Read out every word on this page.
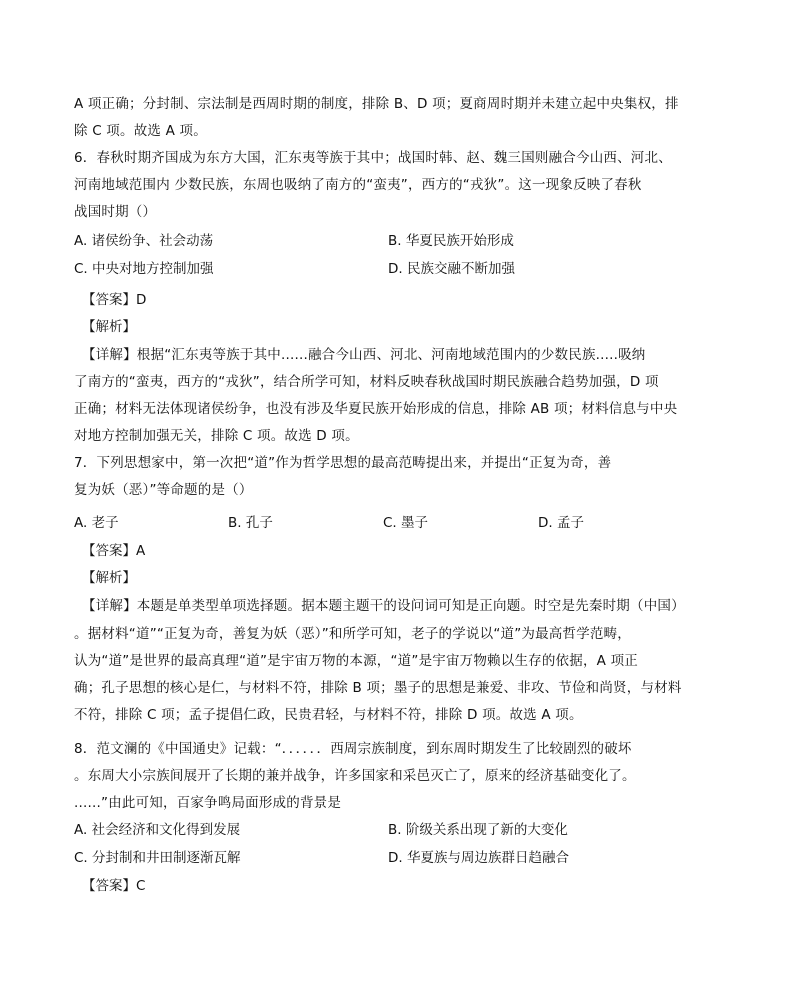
A 项正确；分封制、宗法制是西周时期的制度，排除 B、D 项；夏商周时期并未建立起中央集权，排
除 C 项。故选 A 项。
6．春秋时期齐国成为东方大国，汇东夷等族于其中；战国时韩、赵、魏三国则融合今山西、河北、
河南地域范围内 少数民族，东周也吸纳了南方的“蛮夷”，西方的“戎狄”。这一现象反映了春秋
战国时期（）
A. 诸侯纷争、社会动荡	B. 华夏民族开始形成
C. 中央对地方控制加强	D. 民族交融不断加强
【答案】D
【解析】
【详解】根据“汇东夷等族于其中......融合今山西、河北、河南地域范围内的少数民族.....吸纳
了南方的“蛮夷，西方的“戎狄”，结合所学可知，材料反映春秋战国时期民族融合趋势加强，D 项
正确；材料无法体现诸侯纷争，也没有涉及华夏民族开始形成的信息，排除 AB 项；材料信息与中央
对地方控制加强无关，排除 C 项。故选 D 项。
7．下列思想家中，第一次把“道”作为哲学思想的最高范畴提出来，并提出“正复为奇，善
复为妖（恶）”等命题的是（）
A. 老子	B. 孔子	C. 墨子	D. 孟子
【答案】A
【解析】
【详解】本题是单类型单项选择题。据本题主题干的设问词可知是正向题。时空是先秦时期（中国）
。据材料“道”“正复为奇，善复为妖（恶）”和所学可知，老子的学说以“道”为最高哲学范畴，
认为“道”是世界的最高真理“道”是宇宙万物的本源，“道”是宇宙万物赖以生存的依据，A 项正
确；孔子思想的核心是仁，与材料不符，排除 B 项；墨子的思想是兼爱、非攻、节俭和尚贤，与材料
不符，排除 C 项；孟子提倡仁政，民贵君轻，与材料不符，排除 D 项。故选 A 项。
8．范文澜的《中国通史》记载：“．．．．．．西周宗族制度，到东周时期发生了比较剧烈的破坏
。东周大小宗族间展开了长期的兼并战争，许多国家和采邑灭亡了，原来的经济基础变化了。
......”由此可知，百家争鸣局面形成的背景是
A. 社会经济和文化得到发展	B. 阶级关系出现了新的大变化
C. 分封制和井田制逐渐瓦解	D. 华夏族与周边族群日趋融合
【答案】C
